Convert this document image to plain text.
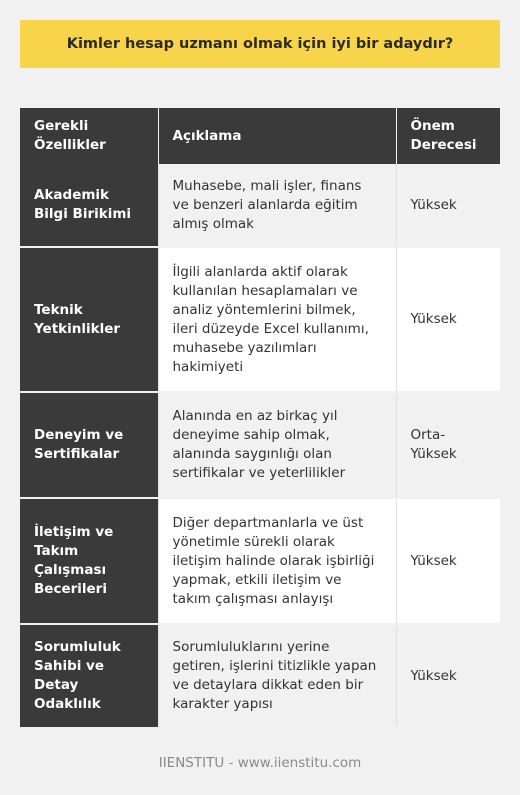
Kimler hesap uzmanı olmak için iyi bir adaydır?
Gerekli Özellikler	Açıklama	Önem Derecesi
Akademik Bilgi Birikimi	Muhasebe, mali işler, finans ve benzeri alanlarda eğitim almış olmak	Yüksek
Teknik Yetkinlikler	İlgili alanlarda aktif olarak kullanılan hesaplamaları ve analiz yöntemlerini bilmek, ileri düzeyde Excel kullanımı, muhasebe yazılımları hakimiyeti	Yüksek
Deneyim ve Sertifikalar	Alanında en az birkaç yıl deneyime sahip olmak, alanında saygınlığı olan sertifikalar ve yeterlilikler	Orta-Yüksek
İletişim ve Takım Çalışması Becerileri	Diğer departmanlarla ve üst yönetimle sürekli olarak iletişim halinde olarak işbirliği yapmak, etkili iletişim ve takım çalışması anlayışı	Yüksek
Sorumluluk Sahibi ve Detay Odaklılık	Sorumluluklarını yerine getiren, işlerini titizlikle yapan ve detaylara dikkat eden bir karakter yapısı	Yüksek
IIENSTITU - www.iienstitu.com
